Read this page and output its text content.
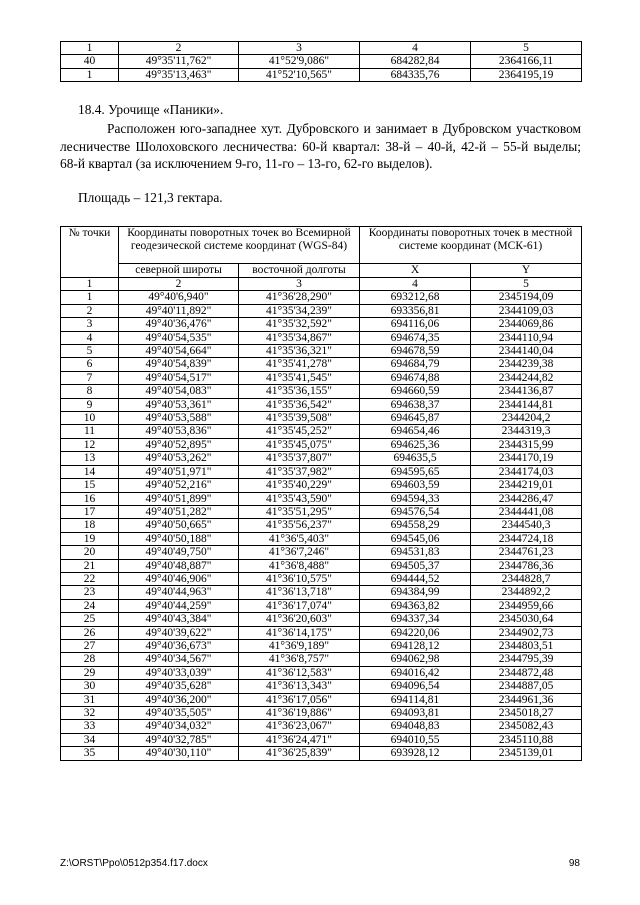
1	2	3	4	5
40	49°35'11,762"	41°52'9,086"	684282,84	2364166,11
1	49°35'13,463"	41°52'10,565"	684335,76	2364195,19

18.4. Урочище «Паники».

Расположен юго-западнее хут. Дубровского и занимает в Дубровском участковом лесничестве Шолоховского лесничества: 60-й квартал: 38-й – 40-й, 42-й – 55-й выделы; 68-й квартал (за исключением 9-го, 11-го – 13-го, 62-го выделов).

Площадь – 121,3 гектара.

№ точки	Координаты поворотных точек во Всемирной геодезической системе координат (WGS-84)		Координаты поворотных точек в местной системе координат (МСК-61)	
	северной широты	восточной долготы	X	Y
1	2	3	4	5
1	49°40'6,940"	41°36'28,290"	693212,68	2345194,09
2	49°40'11,892"	41°35'34,239"	693356,81	2344109,03
3	49°40'36,476"	41°35'32,592"	694116,06	2344069,86
4	49°40'54,535"	41°35'34,867"	694674,35	2344110,94
5	49°40'54,664"	41°35'36,321"	694678,59	2344140,04
6	49°40'54,839"	41°35'41,278"	694684,79	2344239,38
7	49°40'54,517"	41°35'41,545"	694674,88	2344244,82
8	49°40'54,083"	41°35'36,155"	694660,59	2344136,87
9	49°40'53,361"	41°35'36,542"	694638,37	2344144,81
10	49°40'53,588"	41°35'39,508"	694645,87	2344204,2
11	49°40'53,836"	41°35'45,252"	694654,46	2344319,3
12	49°40'52,895"	41°35'45,075"	694625,36	2344315,99
13	49°40'53,262"	41°35'37,807"	694635,5	2344170,19
14	49°40'51,971"	41°35'37,982"	694595,65	2344174,03
15	49°40'52,216"	41°35'40,229"	694603,59	2344219,01
16	49°40'51,899"	41°35'43,590"	694594,33	2344286,47
17	49°40'51,282"	41°35'51,295"	694576,54	2344441,08
18	49°40'50,665"	41°35'56,237"	694558,29	2344540,3
19	49°40'50,188"	41°36'5,403"	694545,06	2344724,18
20	49°40'49,750"	41°36'7,246"	694531,83	2344761,23
21	49°40'48,887"	41°36'8,488"	694505,37	2344786,36
22	49°40'46,906"	41°36'10,575"	694444,52	2344828,7
23	49°40'44,963"	41°36'13,718"	694384,99	2344892,2
24	49°40'44,259"	41°36'17,074"	694363,82	2344959,66
25	49°40'43,384"	41°36'20,603"	694337,34	2345030,64
26	49°40'39,622"	41°36'14,175"	694220,06	2344902,73
27	49°40'36,673"	41°36'9,189"	694128,12	2344803,51
28	49°40'34,567"	41°36'8,757"	694062,98	2344795,39
29	49°40'33,039"	41°36'12,583"	694016,42	2344872,48
30	49°40'35,628"	41°36'13,343"	694096,54	2344887,05
31	49°40'36,200"	41°36'17,056"	694114,81	2344961,36
32	49°40'35,505"	41°36'19,886"	694093,81	2345018,27
33	49°40'34,032"	41°36'23,067"	694048,83	2345082,43
34	49°40'32,785"	41°36'24,471"	694010,55	2345110,88
35	49°40'30,110"	41°36'25,839"	693928,12	2345139,01
Z:\ORST\Ppo\0512p354.f17.docx	98
